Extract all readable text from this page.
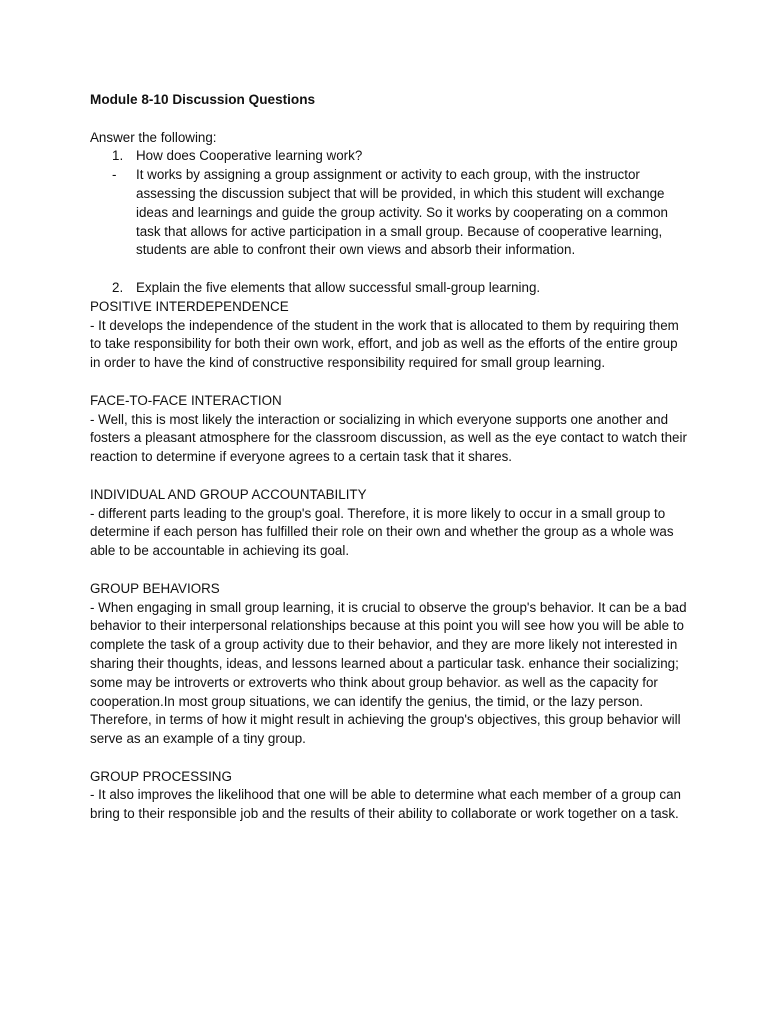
Module 8-10 Discussion Questions

Answer the following:

1. How does Cooperative learning work?
- It works by assigning a group assignment or activity to each group, with the instructor assessing the discussion subject that will be provided, in which this student will exchange ideas and learnings and guide the group activity. So it works by cooperating on a common task that allows for active participation in a small group. Because of cooperative learning, students are able to confront their own views and absorb their information.
2. Explain the five elements that allow successful small-group learning.

POSITIVE INTERDEPENDENCE

- It develops the independence of the student in the work that is allocated to them by requiring them to take responsibility for both their own work, effort, and job as well as the efforts of the entire group in order to have the kind of constructive responsibility required for small group learning.

FACE-TO-FACE INTERACTION

- Well, this is most likely the interaction or socializing in which everyone supports one another and fosters a pleasant atmosphere for the classroom discussion, as well as the eye contact to watch their reaction to determine if everyone agrees to a certain task that it shares.

INDIVIDUAL AND GROUP ACCOUNTABILITY

- different parts leading to the group's goal. Therefore, it is more likely to occur in a small group to determine if each person has fulfilled their role on their own and whether the group as a whole was able to be accountable in achieving its goal.

GROUP BEHAVIORS

- When engaging in small group learning, it is crucial to observe the group's behavior. It can be a bad behavior to their interpersonal relationships because at this point you will see how you will be able to complete the task of a group activity due to their behavior, and they are more likely not interested in sharing their thoughts, ideas, and lessons learned about a particular task. enhance their socializing; some may be introverts or extroverts who think about group behavior. as well as the capacity for cooperation.In most group situations, we can identify the genius, the timid, or the lazy person. Therefore, in terms of how it might result in achieving the group's objectives, this group behavior will serve as an example of a tiny group.

GROUP PROCESSING

- It also improves the likelihood that one will be able to determine what each member of a group can bring to their responsible job and the results of their ability to collaborate or work together on a task.
